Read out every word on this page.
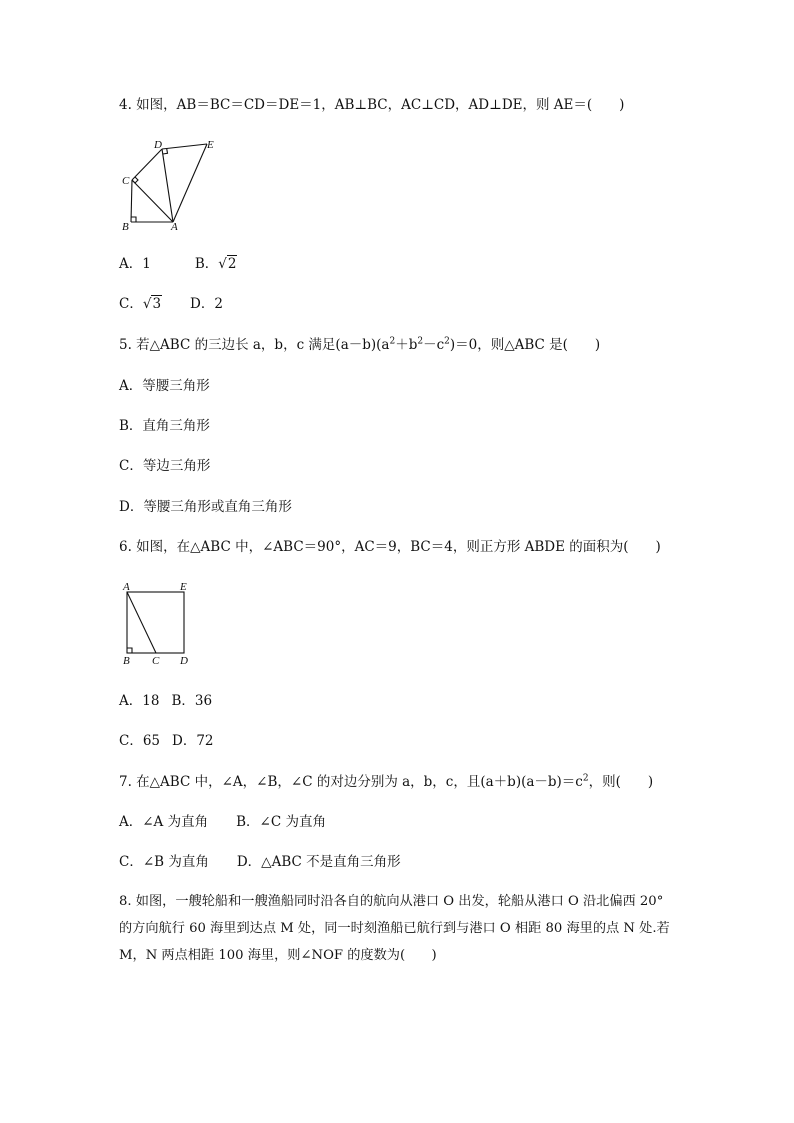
4. 如图，AB＝BC＝CD＝DE＝1，AB⊥BC，AC⊥CD，AD⊥DE，则 AE＝(　　)
C
D	E
B	A
A．1	B．√2
C．√3 D．2
5. 若△ABC 的三边长 a，b，c 满足$(a-b)(a^2+b^2-c^2)=0$，则△ABC 是(　　)
A．等腰三角形
B．直角三角形
C．等边三角形
D．等腰三角形或直角三角形
6. 如图，在△ABC 中，∠ABC＝90°，AC＝9，BC＝4，则正方形 ABDE 的面积为(　　)
A	E
B C D
A．18 B．36
C．65 D．72
7. 在△ABC 中，∠A，∠B，∠C 的对边分别为 a，b，c，且$(a+b)(a-b)=c^2$，则(　　)
A．∠A 为直角 B．∠C 为直角
C．∠B 为直角 D．△ABC 不是直角三角形
8. 如图，一艘轮船和一艘渔船同时沿各自的航向从港口 O 出发，轮船从港口 O 沿北偏西 20°
的方向航行 60 海里到达点 M 处，同一时刻渔船已航行到与港口 O 相距 80 海里的点 N 处.若
M，N 两点相距 100 海里，则∠NOF 的度数为(　　)
